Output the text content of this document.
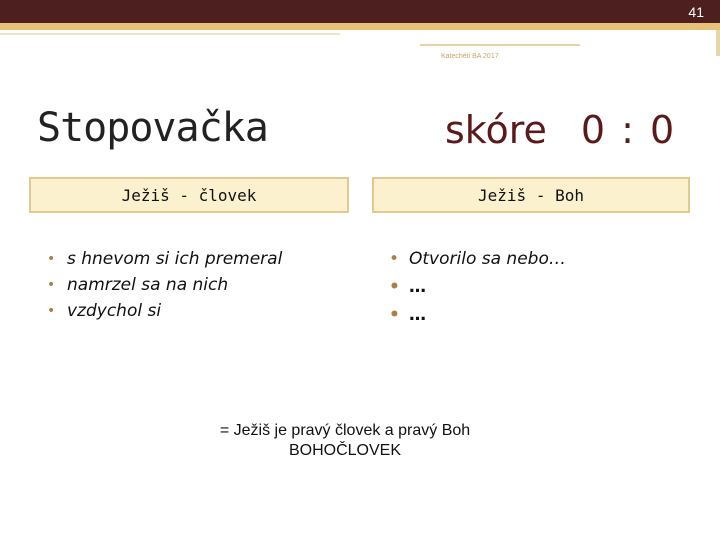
41
Katechéti BA 2017
Stopovačka	skóre 0 : 0
Ježiš - človek	Ježiš - Boh
• s hnevom si ich premeral
• namrzel sa na nich
• vzdychol si
• Otvorilo sa nebo…
• …
• …
= Ježiš je pravý človek a pravý Boh
BOHOČLOVEK
